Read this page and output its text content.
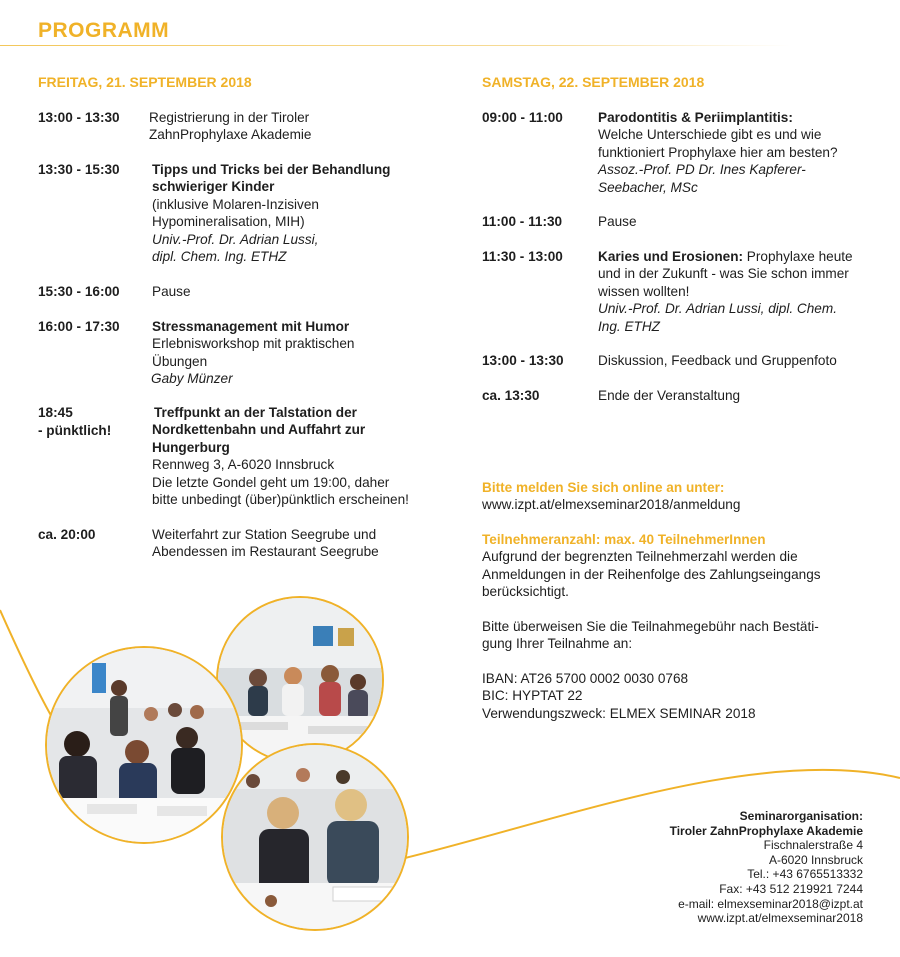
PROGRAMM
FREITAG, 21. SEPTEMBER 2018	SAMSTAG, 22. SEPTEMBER 2018
13:00 - 13:30 Registrierung in der Tiroler
ZahnProphylaxe Akademie
13:30 - 15:30 Tipps und Tricks bei der Behandlung
schwieriger Kinder
(inklusive Molaren-Inzisiven
Hypomineralisation, MIH)
Univ.-Prof. Dr. Adrian Lussi,
dipl. Chem. Ing. ETHZ
15:30 - 16:00 Pause
16:00 - 17:30 Stressmanagement mit Humor
Erlebnisworkshop mit praktischen
Übungen
Gaby Münzer
18:45
- pünktlich!
Treffpunkt an der Talstation der
Nordkettenbahn und Auffahrt zur
Hungerburg
Rennweg 3, A-6020 Innsbruck
Die letzte Gondel geht um 19:00, daher
bitte unbedingt (über)pünktlich erscheinen!
ca. 20:00	Weiterfahrt zur Station Seegrube und
Abendessen im Restaurant Seegrube
09:00 - 11:00	Parodontitis & Periimplantitis:
Welche Unterschiede gibt es und wie
funktioniert Prophylaxe hier am besten?
Assoz.-Prof. PD Dr. Ines Kapferer-
Seebacher, MSc
11:00 - 11:30	Pause
11:30 - 13:00	Karies und Erosionen: Prophylaxe heute
und in der Zukunft - was Sie schon immer
wissen wollten!
Univ.-Prof. Dr. Adrian Lussi, dipl. Chem.
Ing. ETHZ
13:00 - 13:30	Diskussion, Feedback und Gruppenfoto
ca. 13:30	Ende der Veranstaltung
Bitte melden Sie sich online an unter:
www.izpt.at/elmexseminar2018/anmeldung
Teilnehmeranzahl: max. 40 TeilnehmerInnen
Aufgrund der begrenzten Teilnehmerzahl werden die
Anmeldungen in der Reihenfolge des Zahlungseingangs
berücksichtigt.
Bitte überweisen Sie die Teilnahmegebühr nach Bestäti-
gung Ihrer Teilnahme an:
IBAN: AT26 5700 0002 0030 0768
BIC: HYPTAT 22
Verwendungszweck: ELMEX SEMINAR 2018
Seminarorganisation:
Tiroler ZahnProphylaxe Akademie
Fischnalerstraße 4
A-6020 Innsbruck
Tel.: +43 6765513332
Fax: +43 512 219921 7244
e-mail: elmexseminar2018@izpt.at
www.izpt.at/elmexseminar2018
